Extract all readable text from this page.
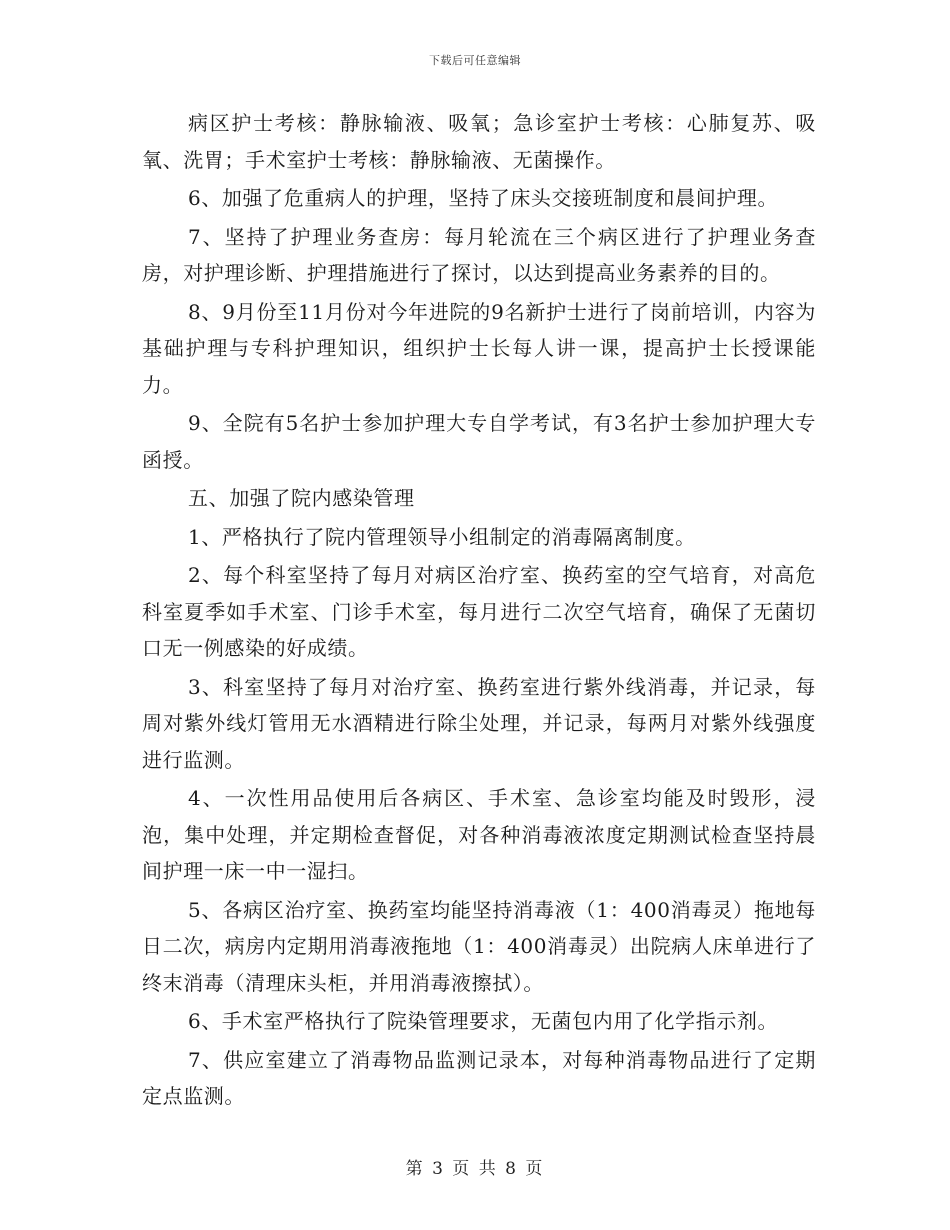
下载后可任意编辑

病区护士考核：静脉输液、吸氧；急诊室护士考核：心肺复苏、吸氧、洗胃；手术室护士考核：静脉输液、无菌操作。

6、加强了危重病人的护理，坚持了床头交接班制度和晨间护理。

7、坚持了护理业务查房：每月轮流在三个病区进行了护理业务查房，对护理诊断、护理措施进行了探讨，以达到提高业务素养的目的。

8、9月份至11月份对今年进院的9名新护士进行了岗前培训，内容为基础护理与专科护理知识，组织护士长每人讲一课，提高护士长授课能力。

9、全院有5名护士参加护理大专自学考试，有3名护士参加护理大专函授。

五、加强了院内感染管理

1、严格执行了院内管理领导小组制定的消毒隔离制度。

2、每个科室坚持了每月对病区治疗室、换药室的空气培育，对高危科室夏季如手术室、门诊手术室，每月进行二次空气培育，确保了无菌切口无一例感染的好成绩。

3、科室坚持了每月对治疗室、换药室进行紫外线消毒，并记录，每周对紫外线灯管用无水酒精进行除尘处理，并记录，每两月对紫外线强度进行监测。

4、一次性用品使用后各病区、手术室、急诊室均能及时毁形，浸泡，集中处理，并定期检查督促，对各种消毒液浓度定期测试检查坚持晨间护理一床一中一湿扫。

5、各病区治疗室、换药室均能坚持消毒液（1：400消毒灵）拖地每日二次，病房内定期用消毒液拖地（1：400消毒灵）出院病人床单进行了终末消毒（清理床头柜，并用消毒液擦拭）。

6、手术室严格执行了院染管理要求，无菌包内用了化学指示剂。

7、供应室建立了消毒物品监测记录本，对每种消毒物品进行了定期定点监测。

第 3 页 共 8 页
